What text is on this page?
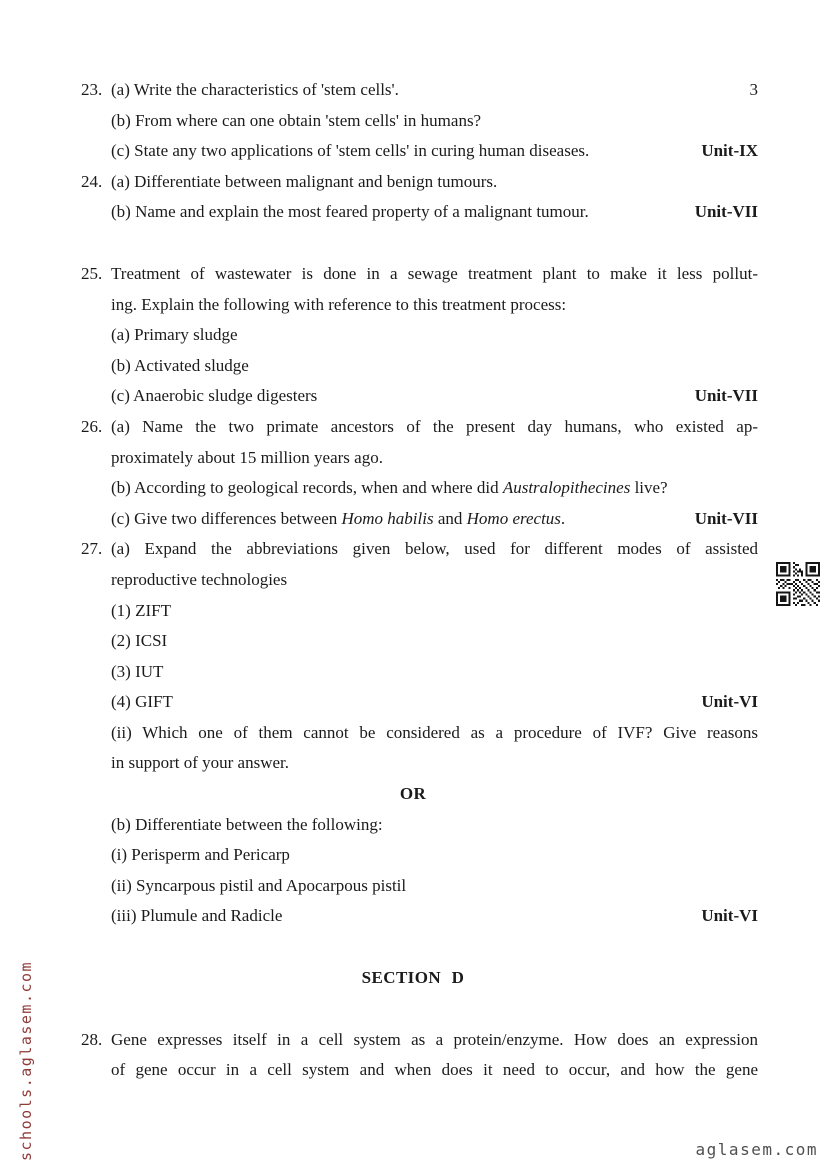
23. (a) Write the characteristics of 'stem cells'.	3
(b) From where can one obtain 'stem cells' in humans?
(c) State any two applications of 'stem cells' in curing human diseases.	Unit-IX
24. (a) Differentiate between malignant and benign tumours.
(b) Name and explain the most feared property of a malignant tumour.	Unit-VII
25. Treatment of wastewater is done in a sewage treatment plant to make it less pollut-
ing. Explain the following with reference to this treatment process:
(a) Primary sludge
(b) Activated sludge
(c) Anaerobic sludge digesters	Unit-VII
26. (a) Name the two primate ancestors of the present day humans, who existed ap-
proximately about 15 million years ago.
(b) According to geological records, when and where did Australopithecines live?
(c) Give two differences between Homo habilis and Homo erectus.	Unit-VII
27. (a) Expand the abbreviations given below, used for different modes of assisted
reproductive technologies
(1) ZIFT
(2) ICSI
(3) IUT
(4) GIFT	Unit-VI
(ii) Which one of them cannot be considered as a procedure of IVF? Give reasons
in support of your answer.
OR
(b) Differentiate between the following:
(i) Perisperm and Pericarp
(ii) Syncarpous pistil and Apocarpous pistil
(iii) Plumule and Radicle	Unit-VI
SECTION D
28. Gene expresses itself in a cell system as a protein/enzyme. How does an expression
of gene occur in a cell system and when does it need to occur, and how the gene
schools.aglasem.com	aglasem.com
